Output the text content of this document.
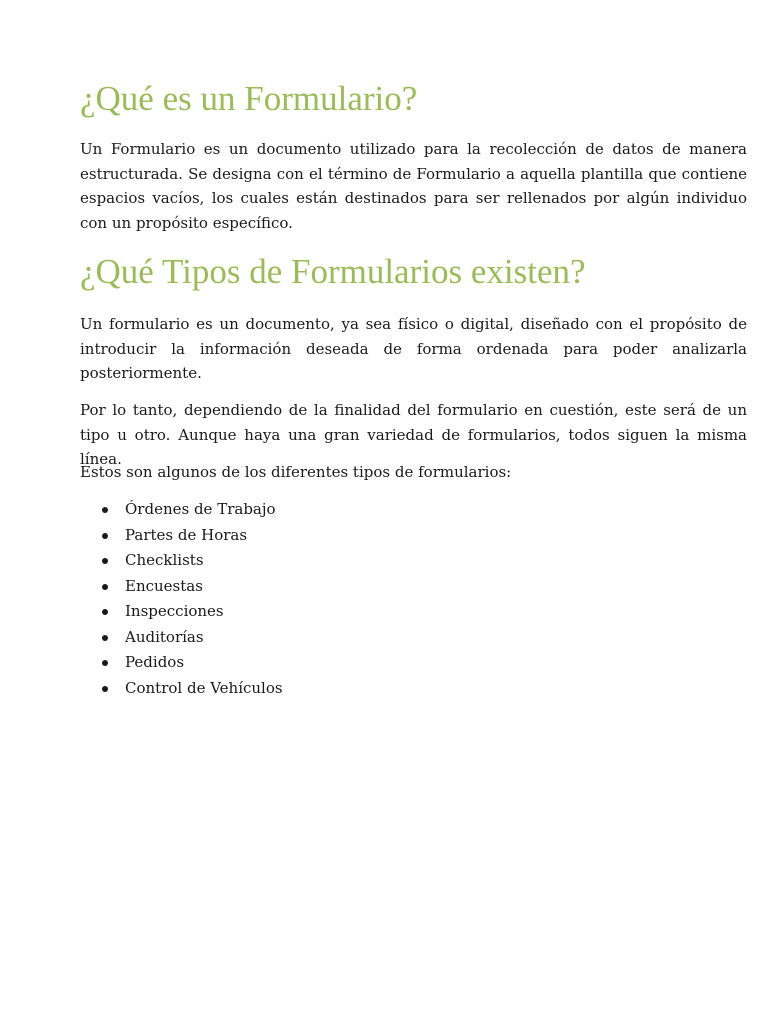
¿Qué es un Formulario?

Un Formulario es un documento utilizado para la recolección de datos de manera estructurada. Se designa con el término de Formulario a aquella plantilla que contiene espacios vacíos, los cuales están destinados para ser rellenados por algún individuo con un propósito específico.

¿Qué Tipos de Formularios existen?

Un formulario es un documento, ya sea físico o digital, diseñado con el propósito de introducir la información deseada de forma ordenada para poder analizarla posteriormente.

Por lo tanto, dependiendo de la finalidad del formulario en cuestión, este será de un tipo u otro. Aunque haya una gran variedad de formularios, todos siguen la misma línea.

Estos son algunos de los diferentes tipos de formularios:

Órdenes de Trabajo
Partes de Horas
Checklists
Encuestas
Inspecciones
Auditorías
Pedidos
Control de Vehículos
